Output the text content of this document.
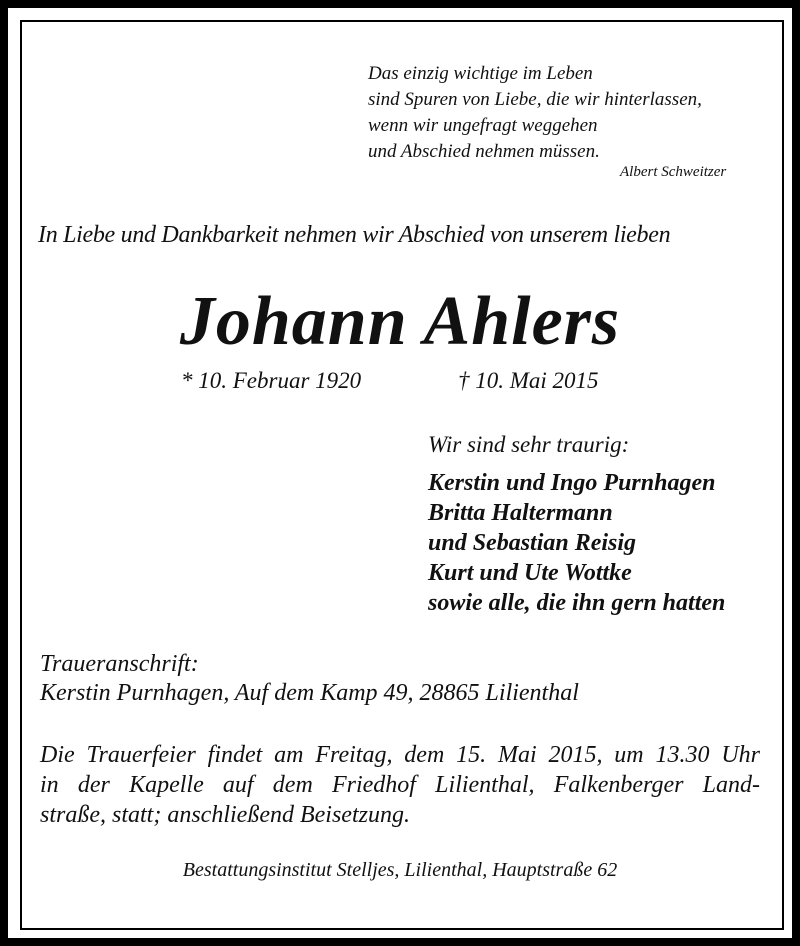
Das einzig wichtige im Leben
sind Spuren von Liebe, die wir hinterlassen,
wenn wir ungefragt weggehen
und Abschied nehmen müssen.
Albert Schweitzer
In Liebe und Dankbarkeit nehmen wir Abschied von unserem lieben
Johann Ahlers
* 10. Februar 1920	† 10. Mai 2015
Wir sind sehr traurig:
Kerstin und Ingo Purnhagen
Britta Haltermann
und Sebastian Reisig
Kurt und Ute Wottke
sowie alle, die ihn gern hatten
Traueranschrift:
Kerstin Purnhagen, Auf dem Kamp 49, 28865 Lilienthal
Die Trauerfeier findet am Freitag, dem 15. Mai 2015, um 13.30 Uhr
in der Kapelle auf dem Friedhof Lilienthal, Falkenberger Land-
straße, statt; anschließend Beisetzung.
Bestattungsinstitut Stelljes, Lilienthal, Hauptstraße 62
